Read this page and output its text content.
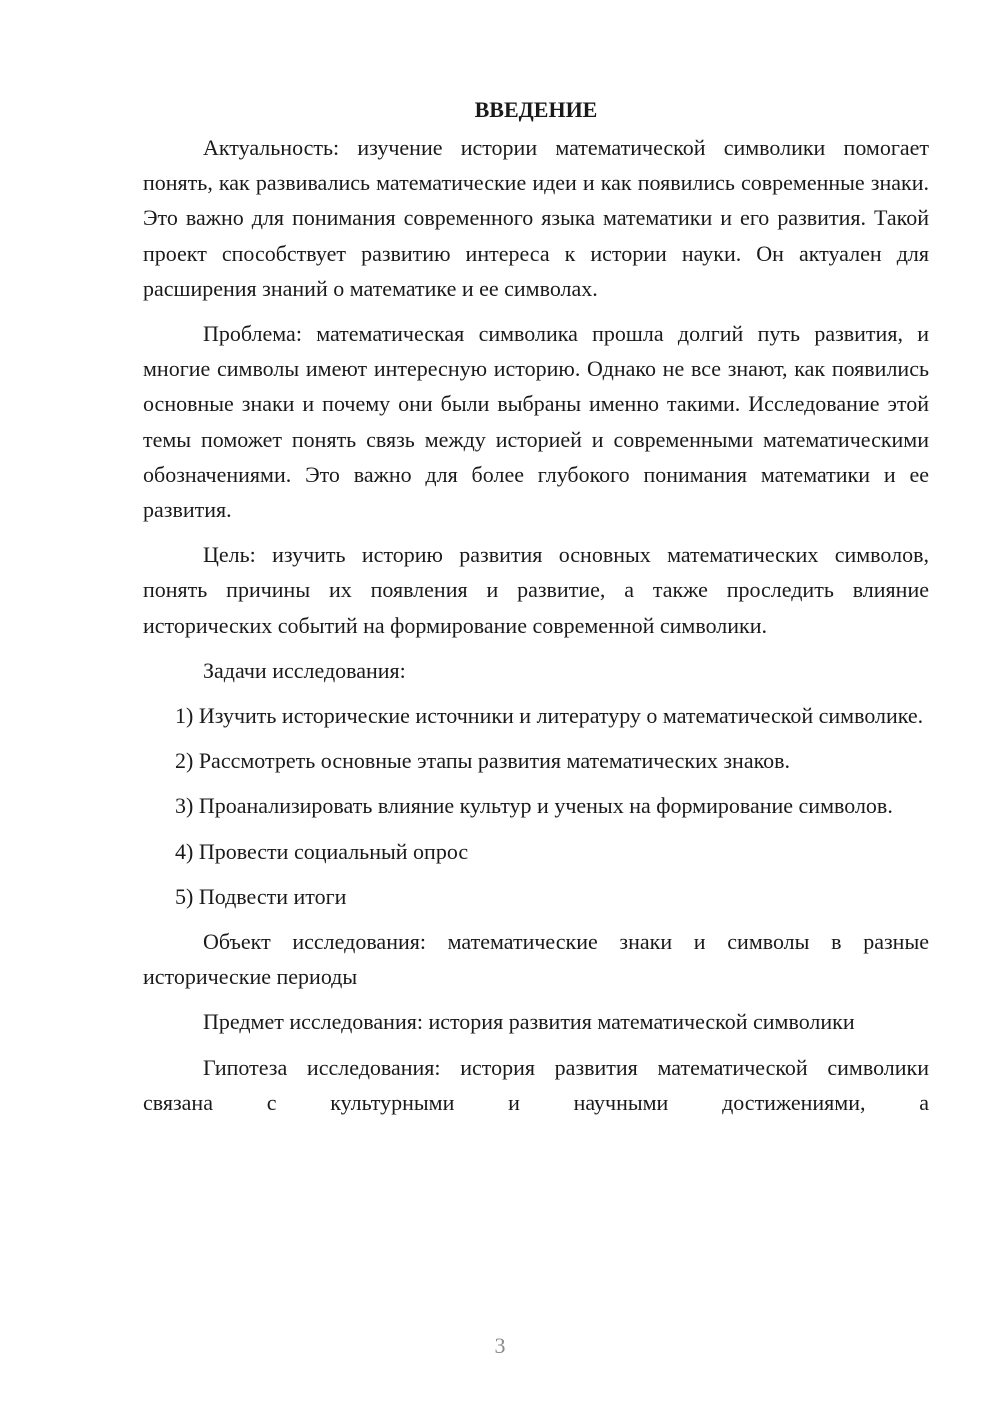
ВВЕДЕНИЕ

Актуальность: изучение истории математической символики помогает понять, как развивались математические идеи и как появились современные знаки. Это важно для понимания современного языка математики и его развития. Такой проект способствует развитию интереса к истории науки. Он актуален для расширения знаний о математике и ее символах.

Проблема: математическая символика прошла долгий путь развития, и многие символы имеют интересную историю. Однако не все знают, как появились основные знаки и почему они были выбраны именно такими. Исследование этой темы поможет понять связь между историей и современными математическими обозначениями. Это важно для более глубокого понимания математики и ее развития.

Цель: изучить историю развития основных математических символов, понять причины их появления и развитие, а также проследить влияние исторических событий на формирование современной символики.

Задачи исследования:

1) Изучить исторические источники и литературу о математической символике.

2) Рассмотреть основные этапы развития математических знаков.

3) Проанализировать влияние культур и ученых на формирование символов.

4) Провести социальный опрос

5) Подвести итоги

Объект исследования: математические знаки и символы в разные исторические периоды

Предмет исследования: история развития математической символики

Гипотеза исследования: история развития математической символики связана с культурными и научными достижениями, а

3
